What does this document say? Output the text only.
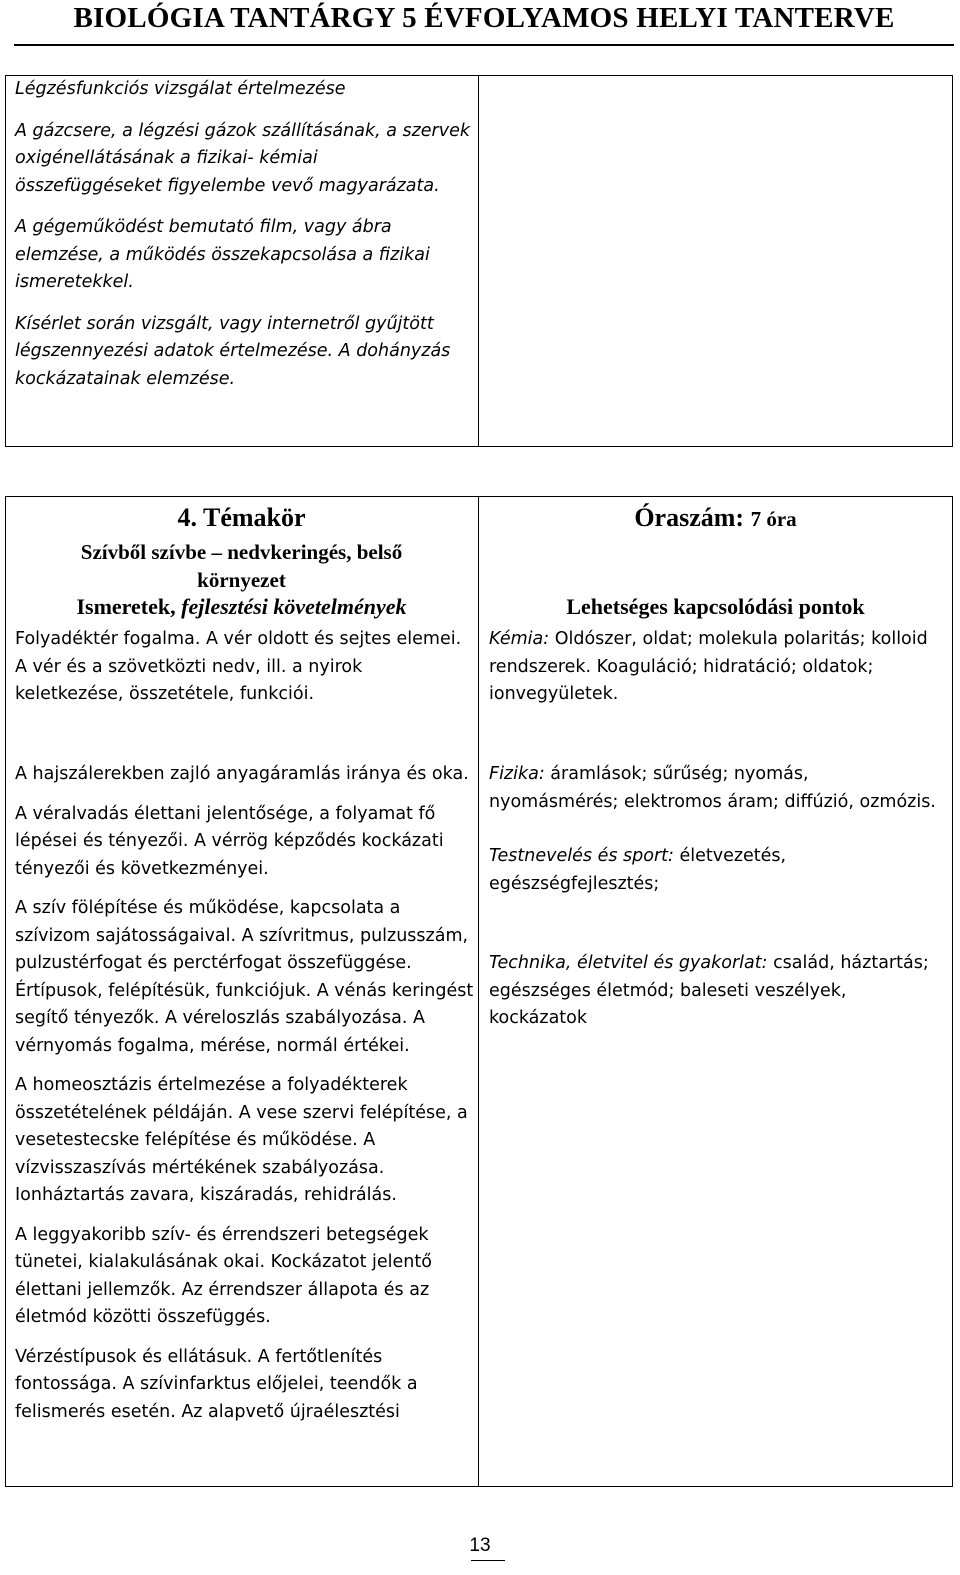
BIOLÓGIA TANTÁRGY 5 ÉVFOLYAMOS HELYI TANTERVE

Légzésfunkciós vizsgálat értelmezése

A gázcsere, a légzési gázok szállításának, a szervek oxigénellátásának a fizikai- kémiai összefüggéseket figyelembe vevő magyarázata.

A gégeműködést bemutató film, vagy ábra elemzése, a működés összekapcsolása a fizikai ismeretekkel.

Kísérlet során vizsgált, vagy internetről gyűjtött légszennyezési adatok értelmezése. A dohányzás kockázatainak elemzése.

4. Témakör
Szívből szívbe – nedvkeringés, belső környezet
Óraszám: 7 óra
Ismeretek, fejlesztési követelmények	Lehetséges kapcsolódási pontok

Folyadéktér fogalma. A vér oldott és sejtes elemei. A vér és a szövetközti nedv, ill. a nyirok keletkezése, összetétele, funkciói.

Kémia: Oldószer, oldat; molekula polaritás; kolloid rendszerek. Koaguláció; hidratáció; oldatok; ionvegyületek.

A hajszálerekben zajló anyagáramlás iránya és oka.

A véralvadás élettani jelentősége, a folyamat fő lépései és tényezői. A vérrög képződés kockázati tényezői és következményei.

A szív fölépítése és működése, kapcsolata a szívizom sajátosságaival. A szívritmus, pulzusszám, pulzustérfogat és perctérfogat összefüggése. Értípusok, felépítésük, funkciójuk. A vénás keringést segítő tényezők. A véreloszlás szabályozása. A vérnyomás fogalma, mérése, normál értékei.

A homeosztázis értelmezése a folyadékterek összetételének példáján. A vese szervi felépítése, a vesetestecske felépítése és működése. A vízvisszaszívás mértékének szabályozása. Ionháztartás zavara, kiszáradás, rehidrálás.

A leggyakoribb szív- és érrendszeri betegségek tünetei, kialakulásának okai. Kockázatot jelentő élettani jellemzők. Az érrendszer állapota és az életmód közötti összefüggés.

Vérzéstípusok és ellátásuk. A fertőtlenítés fontossága. A szívinfarktus előjelei, teendők a felismerés esetén. Az alapvető újraélesztési

Fizika: áramlások; sűrűség; nyomás, nyomásmérés; elektromos áram; diffúzió, ozmózis.

Testnevelés és sport: életvezetés, egészségfejlesztés;

Technika, életvitel és gyakorlat: család, háztartás; egészséges életmód; baleseti veszélyek, kockázatok

13
